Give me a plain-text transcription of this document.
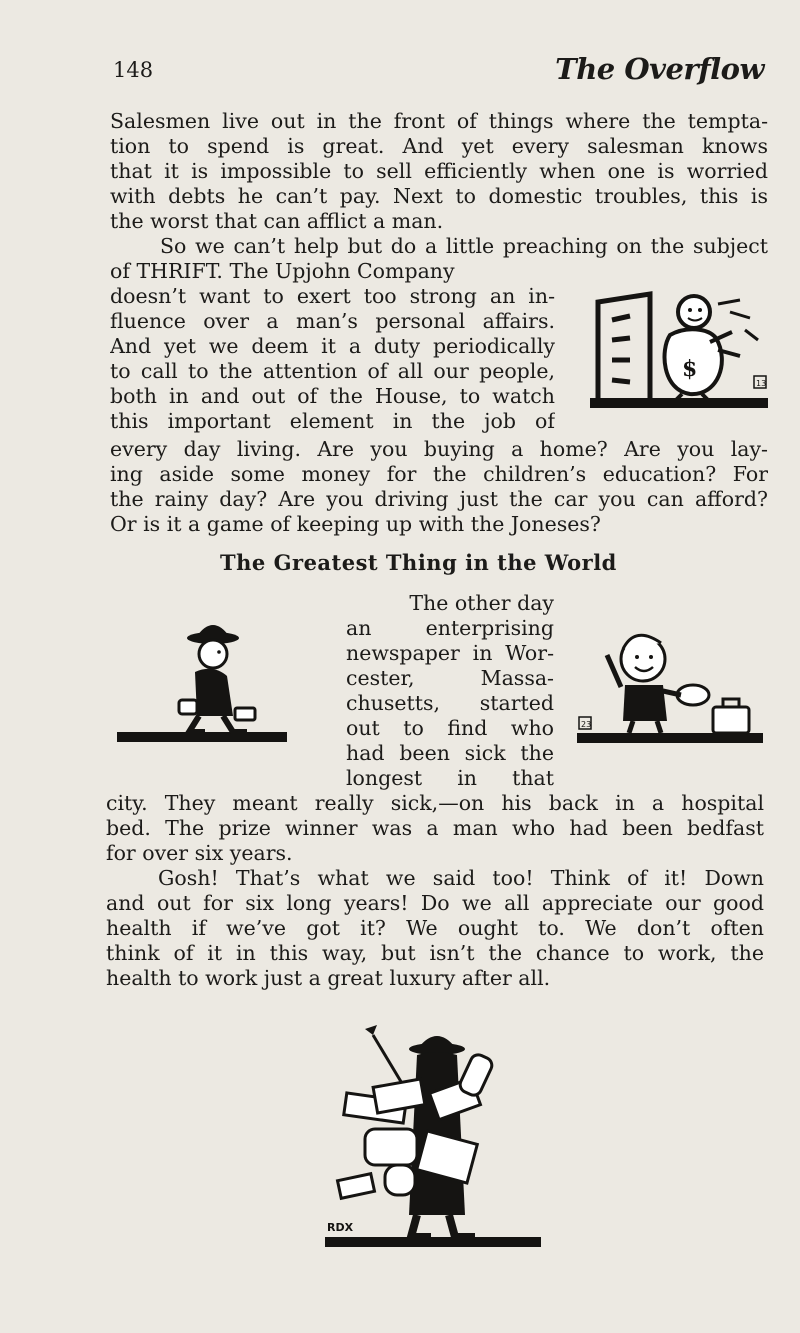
148	The Overflow
Salesmen live out in the front of things where the tempta-
tion to spend is great. And yet every salesman knows
that it is impossible to sell efficiently when one is worried
with debts he can’t pay. Next to domestic troubles, this is
the worst that can afflict a man.
So we can’t help but do a little preaching on the subject
of THRIFT. The Upjohn Company
doesn’t want to exert too strong an in-
fluence over a man’s personal affairs.
And yet we deem it a duty periodically
to call to the attention of all our people,
both in and out of the House, to watch
this important element in the job of
$
13
every day living. Are you buying a home? Are you lay-
ing aside some money for the children’s education? For
the rainy day? Are you driving just the car you can afford?
Or is it a game of keeping up with the Joneses?
The Greatest Thing in the World
The other day
an enterprising
newspaper in Wor-
cester, Massa-
chusetts, started
out to find who
had been sick the
longest in that
23
city. They meant really sick,—on his back in a hospital
bed. The prize winner was a man who had been bedfast
for over six years.
Gosh! That’s what we said too! Think of it! Down
and out for six long years! Do we all appreciate our good
health if we’ve got it? We ought to. We don’t often
think of it in this way, but isn’t the chance to work, the
health to work just a great luxury after all.
RDX
